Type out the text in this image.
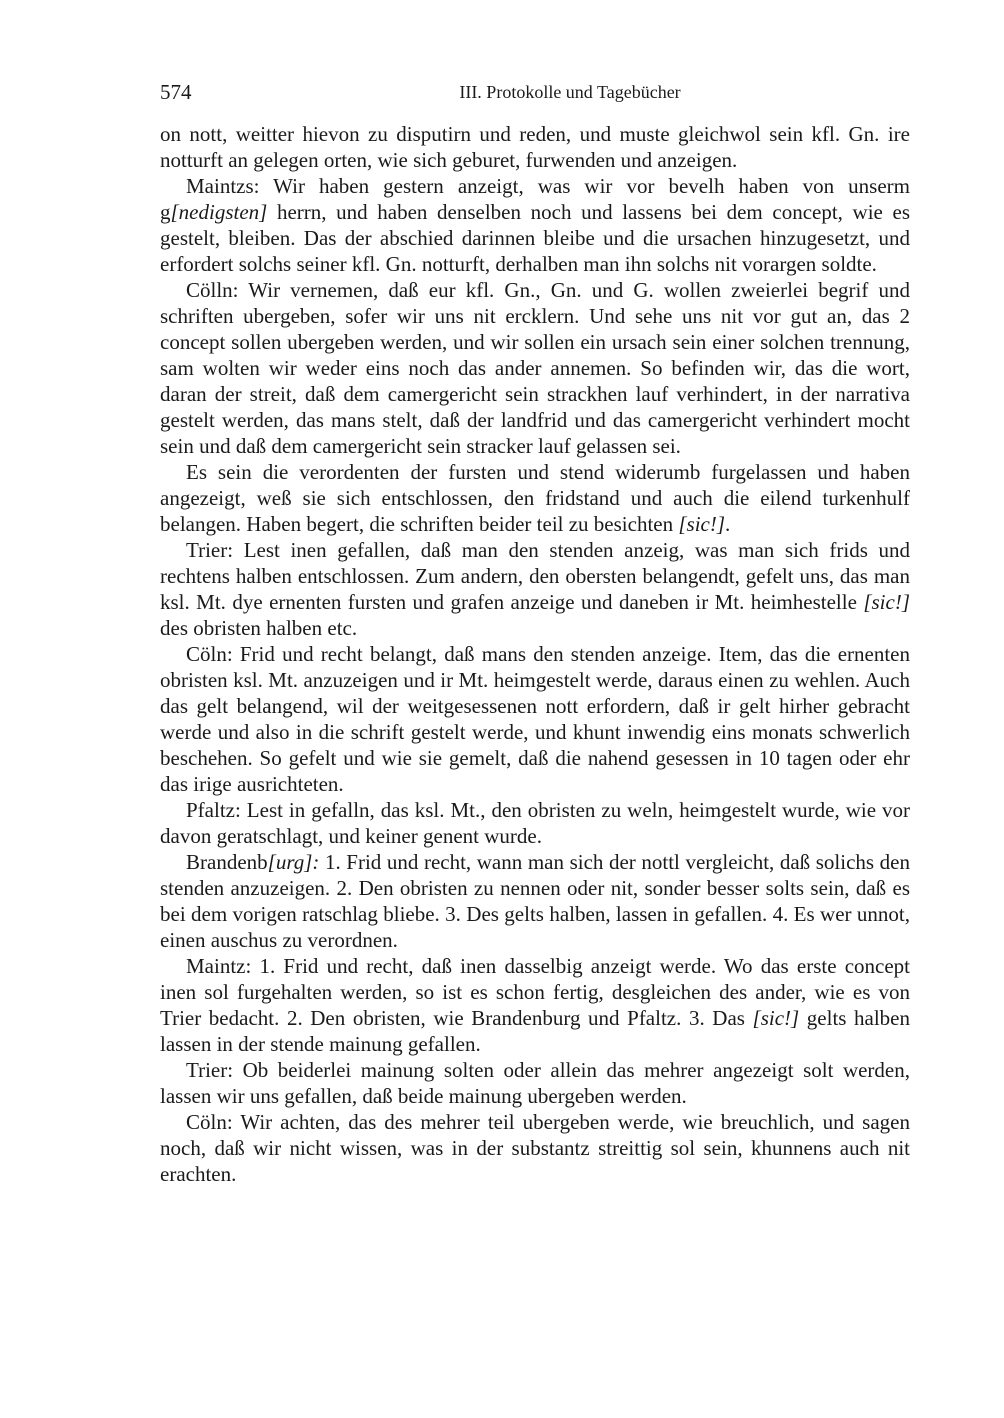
574	III. Protokolle und Tagebücher

on nott, weitter hievon zu disputirn und reden, und muste gleichwol sein kfl. Gn. ire notturft an gelegen orten, wie sich geburet, furwenden und anzeigen.

Maintzs: Wir haben gestern anzeigt, was wir vor bevelh haben von unserm g[nedigsten] herrn, und haben denselben noch und lassens bei dem concept, wie es gestelt, bleiben. Das der abschied darinnen bleibe und die ursachen hinzugesetzt, und erfordert solchs seiner kfl. Gn. notturft, derhalben man ihn solchs nit vorargen soldte.

Cölln: Wir vernemen, daß eur kfl. Gn., Gn. und G. wollen zweierlei begrif und schriften ubergeben, sofer wir uns nit ercklern. Und sehe uns nit vor gut an, das 2 concept sollen ubergeben werden, und wir sollen ein ursach sein einer solchen trennung, sam wolten wir weder eins noch das ander annemen. So befinden wir, das die wort, daran der streit, daß dem camergericht sein strackhen lauf verhindert, in der narrativa gestelt werden, das mans stelt, daß der landfrid und das camergericht verhindert mocht sein und daß dem camergericht sein stracker lauf gelassen sei.

Es sein die verordenten der fursten und stend widerumb furgelassen und haben angezeigt, weß sie sich entschlossen, den fridstand und auch die eilend turkenhulf belangen. Haben begert, die schriften beider teil zu besichten [sic!].

Trier: Lest inen gefallen, daß man den stenden anzeig, was man sich frids und rechtens halben entschlossen. Zum andern, den obersten belangendt, gefelt uns, das man ksl. Mt. dye ernenten fursten und grafen anzeige und daneben ir Mt. heimhestelle [sic!] des obristen halben etc.

Cöln: Frid und recht belangt, daß mans den stenden anzeige. Item, das die ernenten obristen ksl. Mt. anzuzeigen und ir Mt. heimgestelt werde, daraus einen zu wehlen. Auch das gelt belangend, wil der weitgesessenen nott erfordern, daß ir gelt hirher gebracht werde und also in die schrift gestelt werde, und khunt inwendig eins monats schwerlich beschehen. So gefelt und wie sie gemelt, daß die nahend gesessen in 10 tagen oder ehr das irige ausrichteten.

Pfaltz: Lest in gefalln, das ksl. Mt., den obristen zu weln, heimgestelt wurde, wie vor davon geratschlagt, und keiner genent wurde.

Brandenb[urg]: 1. Frid und recht, wann man sich der nottl vergleicht, daß solichs den stenden anzuzeigen. 2. Den obristen zu nennen oder nit, sonder besser solts sein, daß es bei dem vorigen ratschlag bliebe. 3. Des gelts halben, lassen in gefallen. 4. Es wer unnot, einen auschus zu verordnen.

Maintz: 1. Frid und recht, daß inen dasselbig anzeigt werde. Wo das erste concept inen sol furgehalten werden, so ist es schon fertig, desgleichen des ander, wie es von Trier bedacht. 2. Den obristen, wie Brandenburg und Pfaltz. 3. Das [sic!] gelts halben lassen in der stende mainung gefallen.

Trier: Ob beiderlei mainung solten oder allein das mehrer angezeigt solt werden, lassen wir uns gefallen, daß beide mainung ubergeben werden.

Cöln: Wir achten, das des mehrer teil ubergeben werde, wie breuchlich, und sagen noch, daß wir nicht wissen, was in der substantz streittig sol sein, khunnens auch nit erachten.
